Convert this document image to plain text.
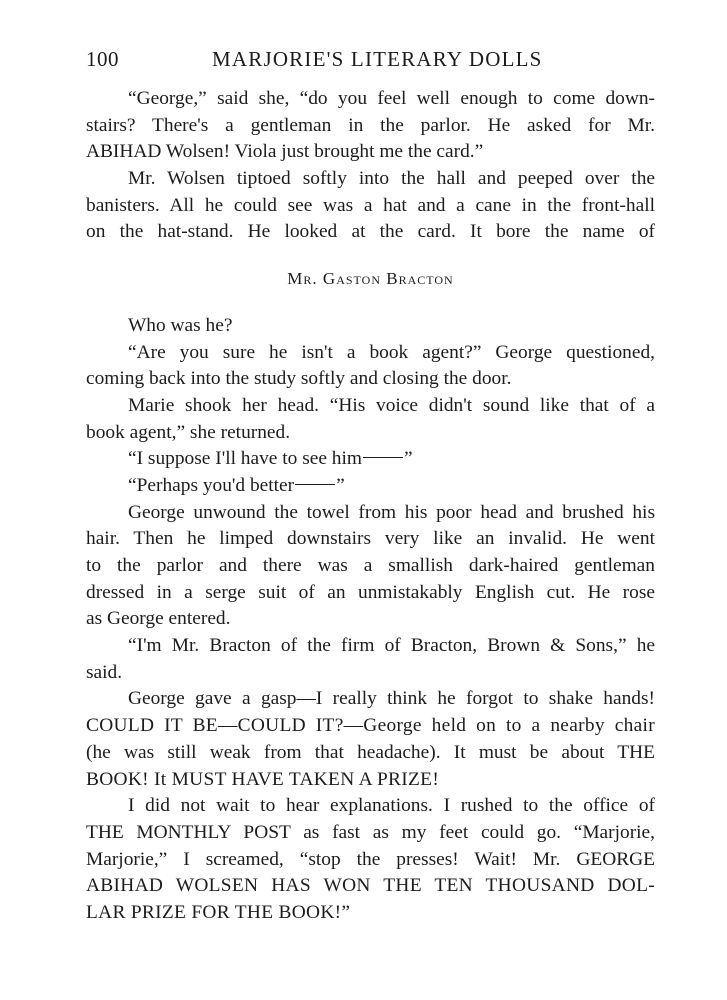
100	MARJORIE'S LITERARY DOLLS
“George,” said she, “do you feel well enough to come down-
stairs? There's a gentleman in the parlor. He asked for Mr.
ABIHAD Wolsen! Viola just brought me the card.”
Mr. Wolsen tiptoed softly into the hall and peeped over the
banisters. All he could see was a hat and a cane in the front-hall
on the hat-stand. He looked at the card. It bore the name of
Mr. Gaston Bracton
Who was he?
“Are you sure he isn't a book agent?” George questioned,
coming back into the study softly and closing the door.
Marie shook her head. “His voice didn't sound like that of a
book agent,” she returned.
“I suppose I'll have to see him ”
“Perhaps you'd better ”
George unwound the towel from his poor head and brushed his
hair. Then he limped downstairs very like an invalid. He went
to the parlor and there was a smallish dark-haired gentleman
dressed in a serge suit of an unmistakably English cut. He rose
as George entered.
“I'm Mr. Bracton of the firm of Bracton, Brown & Sons,” he
said.
George gave a gasp—I really think he forgot to shake hands!
COULD IT BE—COULD IT?—George held on to a nearby chair
(he was still weak from that headache). It must be about THE
BOOK! It MUST HAVE TAKEN A PRIZE!
I did not wait to hear explanations. I rushed to the office of
THE MONTHLY POST as fast as my feet could go. “Marjorie,
Marjorie,” I screamed, “stop the presses! Wait! Mr. GEORGE
ABIHAD WOLSEN HAS WON THE TEN THOUSAND DOL-
LAR PRIZE FOR THE BOOK!”
